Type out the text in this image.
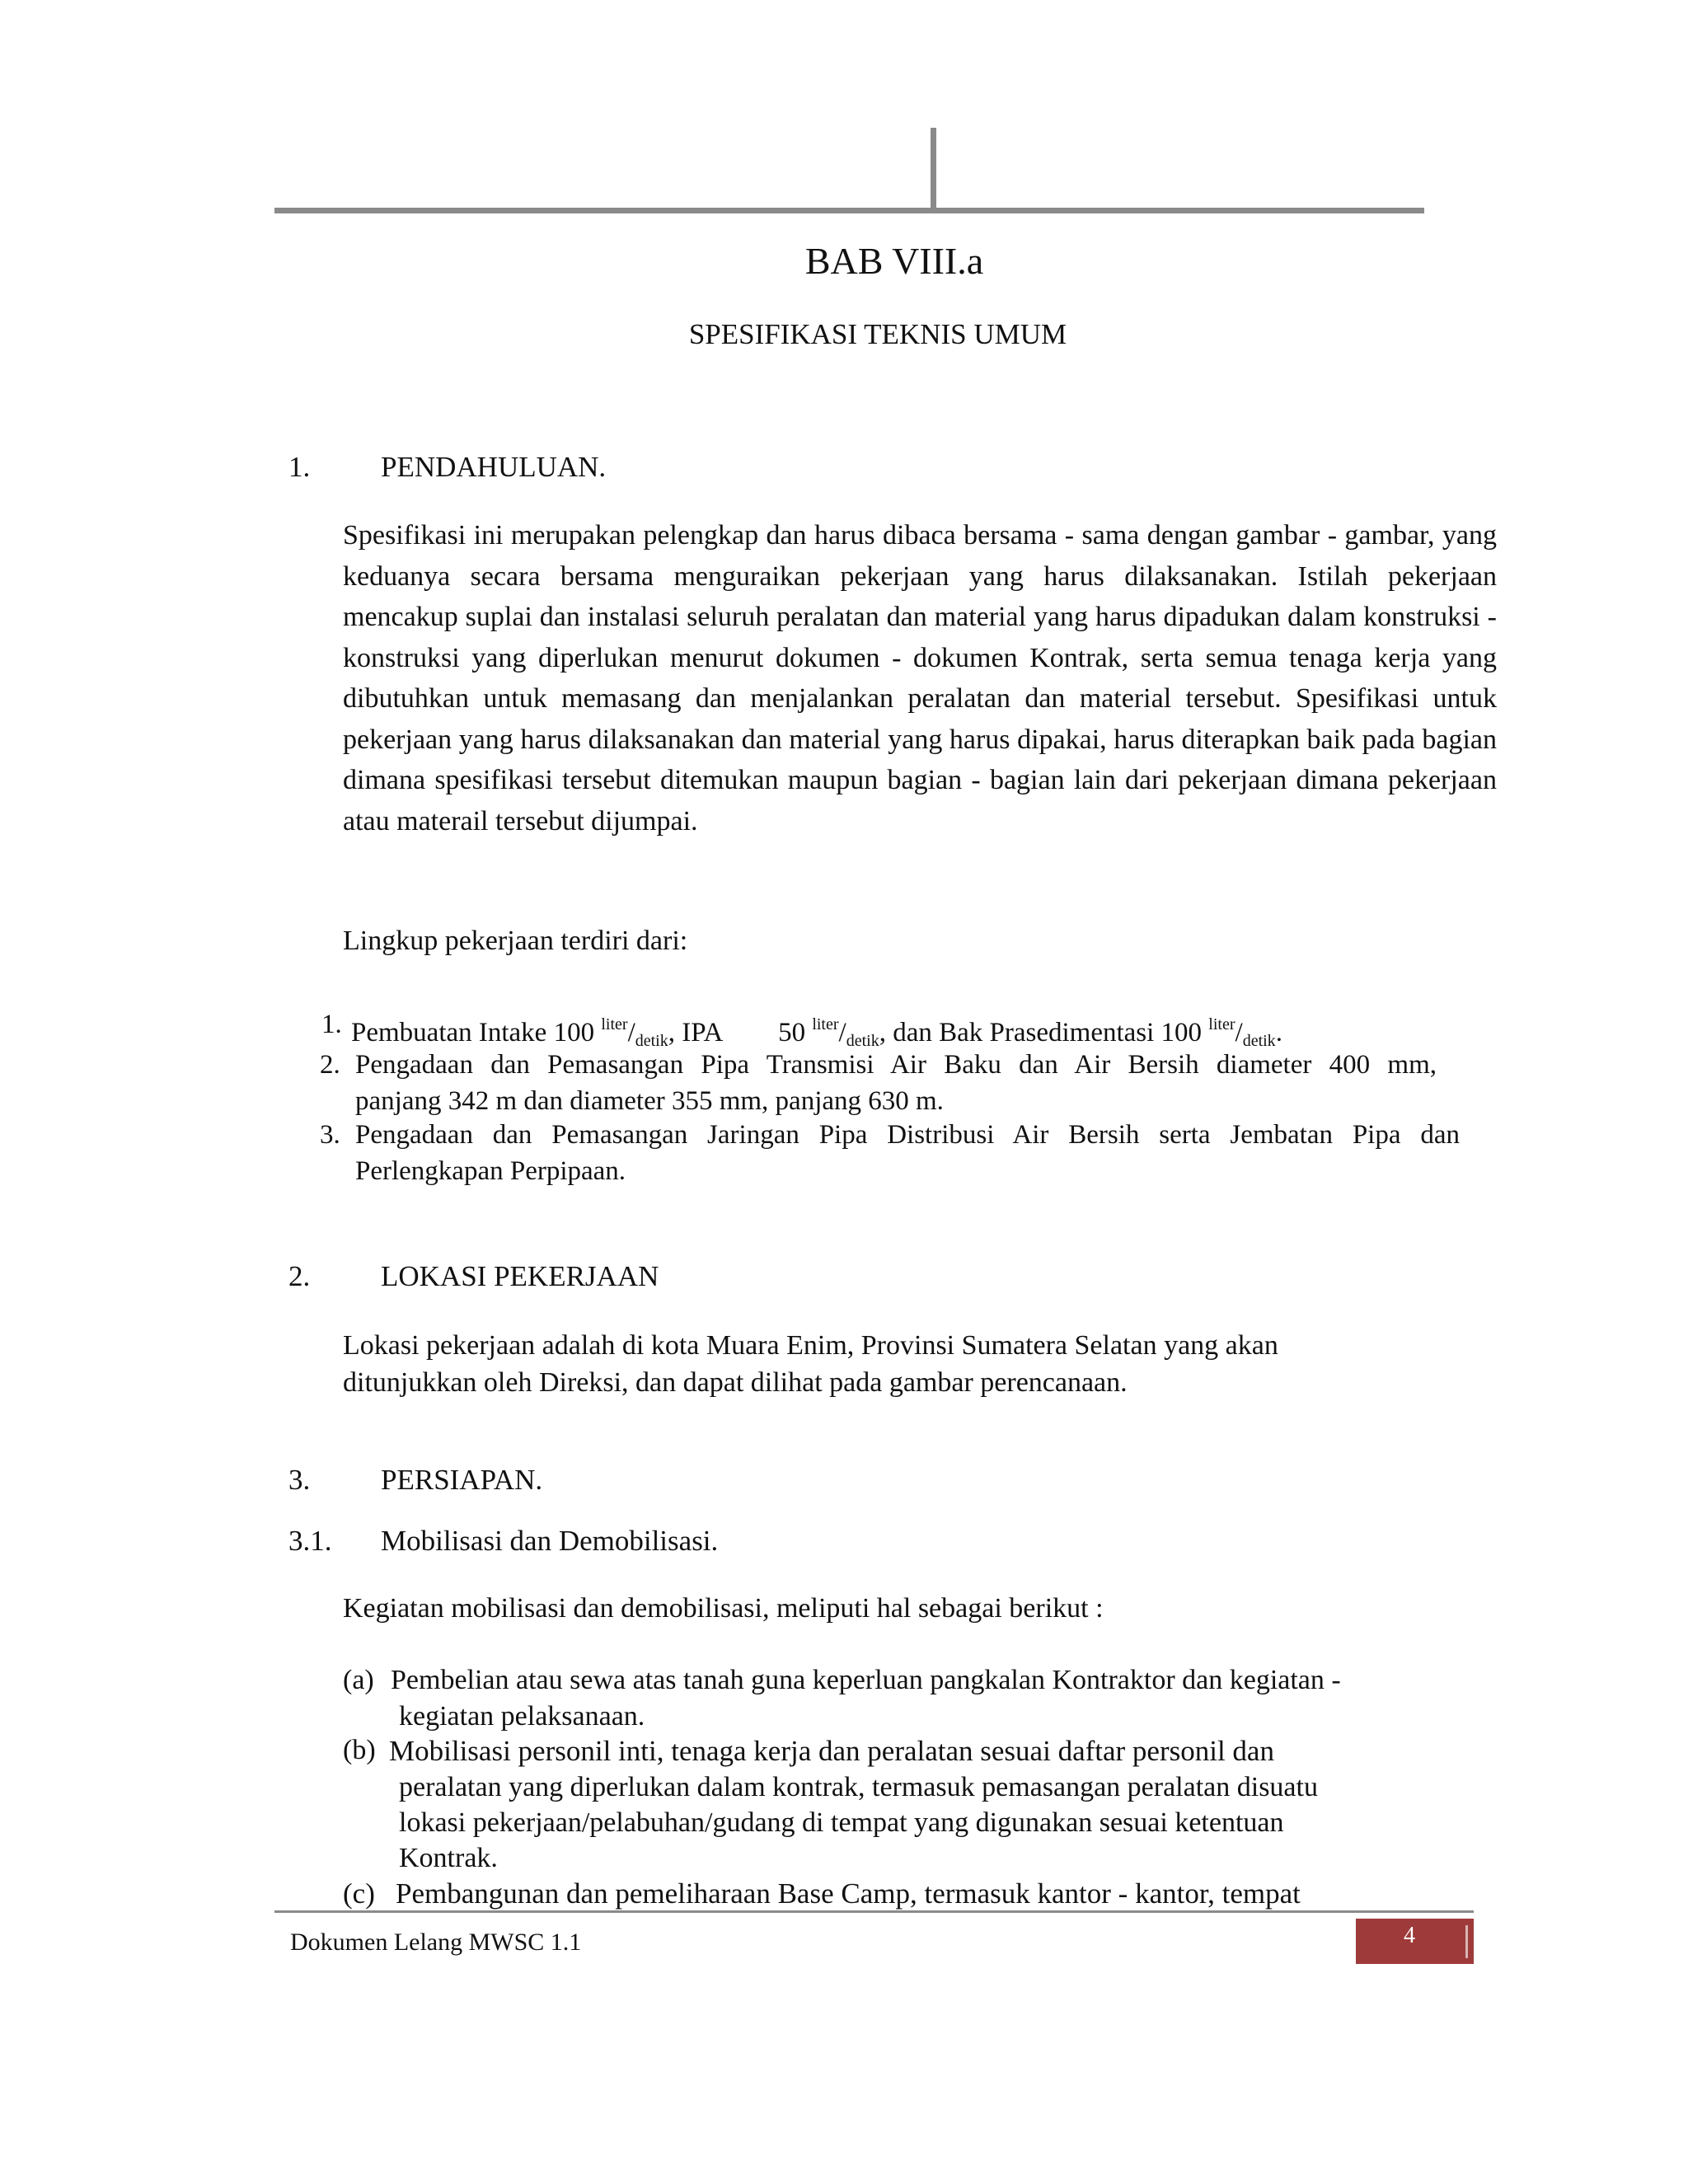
BAB VIII.a
SPESIFIKASI TEKNIS UMUM
1. PENDAHULUAN.

Spesifikasi ini merupakan pelengkap dan harus dibaca bersama - sama dengan gambar - gambar, yang keduanya secara bersama menguraikan pekerjaan yang harus dilaksanakan. Istilah pekerjaan mencakup suplai dan instalasi seluruh peralatan dan material yang harus dipadukan dalam konstruksi - konstruksi yang diperlukan menurut dokumen - dokumen Kontrak, serta semua tenaga kerja yang dibutuhkan untuk memasang dan menjalankan peralatan dan material tersebut. Spesifikasi untuk pekerjaan yang harus dilaksanakan dan material yang harus dipakai, harus diterapkan baik pada bagian dimana spesifikasi tersebut ditemukan maupun bagian - bagian lain dari pekerjaan dimana pekerjaan atau materail tersebut dijumpai.

Lingkup pekerjaan terdiri dari:
1. Pembuatan Intake 100 $^{liter}/_{detik}$, IPA 50 $^{liter}/_{detik}$, dan Bak Prasedimentasi 100 $^{liter}/_{detik}$.
2. Pengadaan dan Pemasangan Pipa Transmisi Air Baku dan Air Bersih diameter 400 mm,
panjang 342 m dan diameter 355 mm, panjang 630 m.
3. Pengadaan dan Pemasangan Jaringan Pipa Distribusi Air Bersih serta Jembatan Pipa dan
Perlengkapan Perpipaan.
2. LOKASI PEKERJAAN
Lokasi pekerjaan adalah di kota Muara Enim, Provinsi Sumatera Selatan yang akan
ditunjukkan oleh Direksi, dan dapat dilihat pada gambar perencanaan.
3. PERSIAPAN.
3.1. Mobilisasi dan Demobilisasi.
Kegiatan mobilisasi dan demobilisasi, meliputi hal sebagai berikut :
(a) Pembelian atau sewa atas tanah guna keperluan pangkalan Kontraktor dan kegiatan -
kegiatan pelaksanaan.
(b) Mobilisasi personil inti, tenaga kerja dan peralatan sesuai daftar personil dan
peralatan yang diperlukan dalam kontrak, termasuk pemasangan peralatan disuatu
lokasi pekerjaan/pelabuhan/gudang di tempat yang digunakan sesuai ketentuan
Kontrak.
(c) Pembangunan dan pemeliharaan Base Camp, termasuk kantor - kantor, tempat
Dokumen Lelang MWSC 1.1	4
